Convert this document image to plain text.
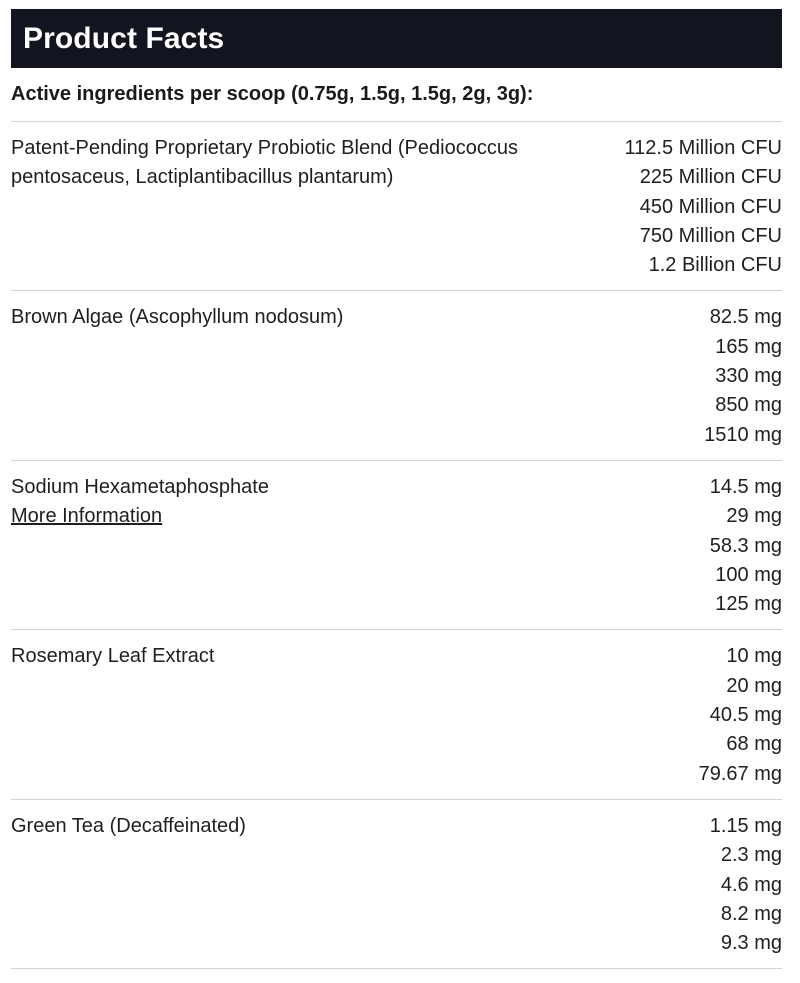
Product Facts
Active ingredients per scoop (0.75g, 1.5g, 1.5g, 2g, 3g):
Patent-Pending Proprietary Probiotic Blend (Pediococcus pentosaceus, Lactiplantibacillus plantarum)
112.5 Million CFU
225 Million CFU
450 Million CFU
750 Million CFU
1.2 Billion CFU
Brown Algae (Ascophyllum nodosum)	82.5 mg
165 mg
330 mg
850 mg
1510 mg
Sodium Hexametaphosphate
More Information
14.5 mg
29 mg
58.3 mg
100 mg
125 mg
Rosemary Leaf Extract	10 mg
20 mg
40.5 mg
68 mg
79.67 mg
Green Tea (Decaffeinated)	1.15 mg
2.3 mg
4.6 mg
8.2 mg
9.3 mg
